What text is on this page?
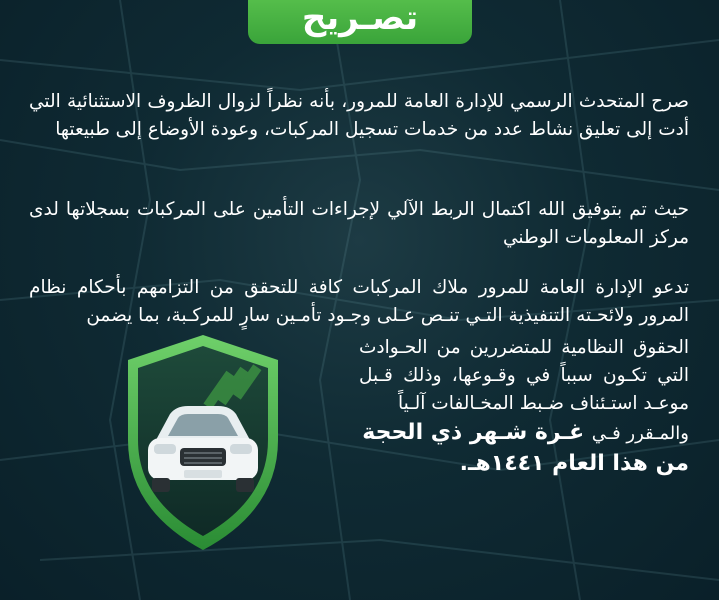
تصـريح
صرح المتحدث الرسمي للإدارة العامة للمرور، بأنه نظراً لزوال الظروف الاستثنائية التي أدت إلى تعليق نشاط عدد من خدمات تسجيل المركبات، وعودة الأوضاع إلى طبيعتها
حيث تم بتوفيق الله اكتمال الربط الآلي لإجراءات التأمين على المركبات بسجلاتها لدى مركز المعلومات الوطني
تدعو الإدارة العامة للمرور ملاك المركبات كافة للتحقق من التزامهم بأحكام نظام المرور ولائحـته التنفيذية التـي تنـص عـلى وجـود تأمـين سارٍ للمركـبة، بما يضمن
الحقوق النظامية للمتضررين من الحـوادث التي تكـون سبباً في وقـوعها، وذلك قـبل موعـد استـئناف ضـبط المخـالفات آلـياً
والمـقرر فـي غـرة شـهر ذي الحجة
من هذا العام ١٤٤١هـ.
